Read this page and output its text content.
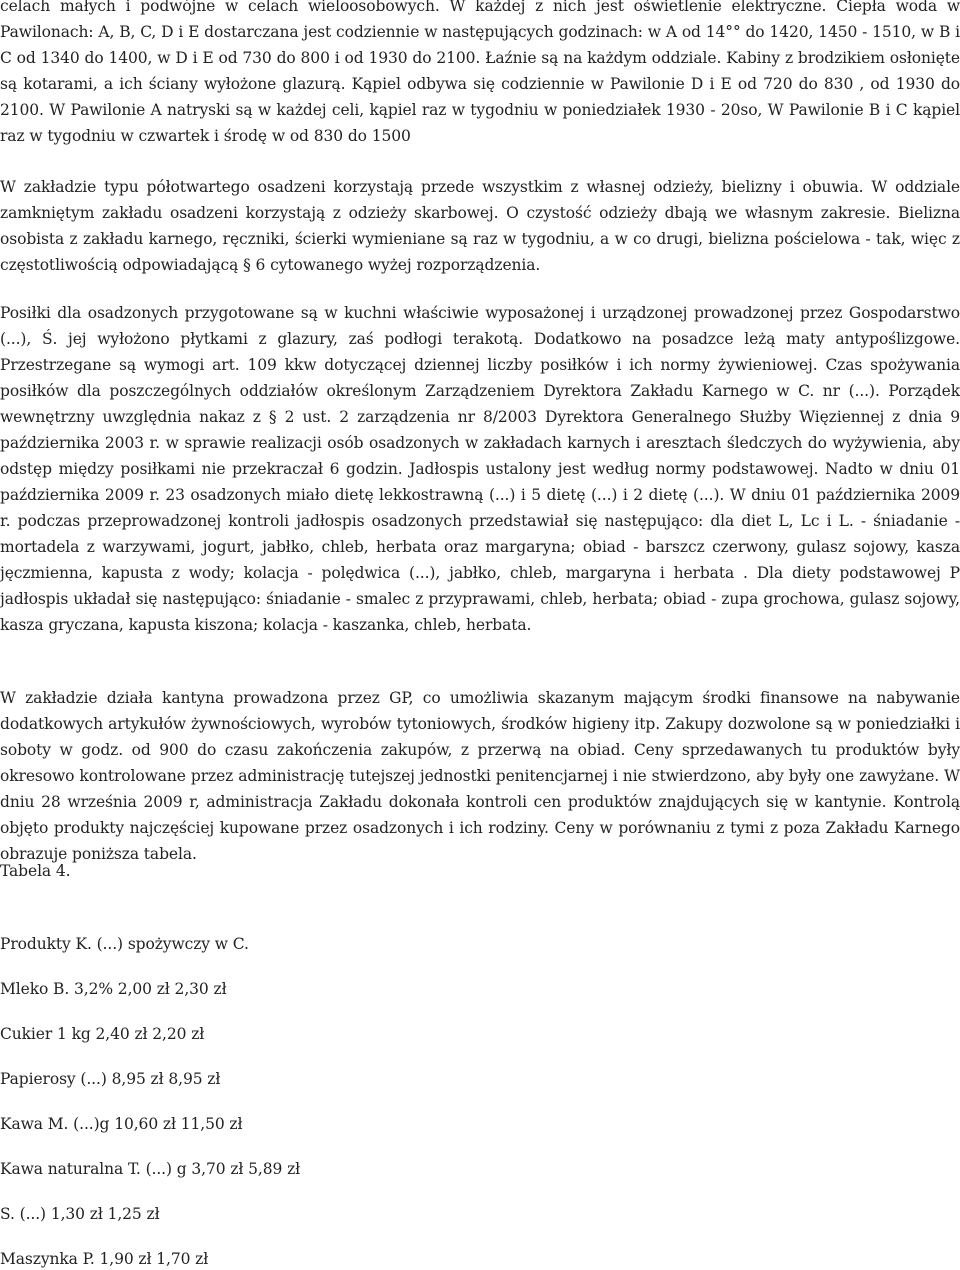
celach małych i podwójne w celach wieloosobowych. W każdej z nich jest oświetlenie elektryczne. Ciepła woda w Pawilonach: A, B, C, D i E dostarczana jest codziennie w następujących godzinach: w A od 14°° do 1420, 1450 - 1510, w B i C od 1340 do 1400, w D i E od 730 do 800 i od 1930 do 2100. Łaźnie są na każdym oddziale. Kabiny z brodzikiem osłonięte są kotarami, a ich ściany wyłożone glazurą. Kąpiel odbywa się codziennie w Pawilonie D i E od 720 do 830 , od 1930 do 2100. W Pawilonie A natryski są w każdej celi, kąpiel raz w tygodniu w poniedziałek 1930 - 20so, W Pawilonie B i C kąpiel raz w tygodniu w czwartek i środę w od 830 do 1500

W zakładzie typu półotwartego osadzeni korzystają przede wszystkim z własnej odzieży, bielizny i obuwia. W oddziale zamkniętym zakładu osadzeni korzystają z odzieży skarbowej. O czystość odzieży dbają we własnym zakresie. Bielizna osobista z zakładu karnego, ręczniki, ścierki wymieniane są raz w tygodniu, a w co drugi, bielizna pościelowa - tak, więc z częstotliwością odpowiadającą § 6 cytowanego wyżej rozporządzenia.

Posiłki dla osadzonych przygotowane są w kuchni właściwie wyposażonej i urządzonej prowadzonej przez Gospodarstwo (...), Ś. jej wyłożono płytkami z glazury, zaś podłogi terakotą. Dodatkowo na posadzce leżą maty antypoślizgowe. Przestrzegane są wymogi art. 109 kkw dotyczącej dziennej liczby posiłków i ich normy żywieniowej. Czas spożywania posiłków dla poszczególnych oddziałów określonym Zarządzeniem Dyrektora Zakładu Karnego w C. nr (...). Porządek wewnętrzny uwzględnia nakaz z § 2 ust. 2 zarządzenia nr 8/2003 Dyrektora Generalnego Służby Więziennej z dnia 9 października 2003 r. w sprawie realizacji osób osadzonych w zakładach karnych i aresztach śledczych do wyżywienia, aby odstęp między posiłkami nie przekraczał 6 godzin. Jadłospis ustalony jest według normy podstawowej. Nadto w dniu 01 października 2009 r. 23 osadzonych miało dietę lekkostrawną (...) i 5 dietę (...) i 2 dietę (...). W dniu 01 października 2009 r. podczas przeprowadzonej kontroli jadłospis osadzonych przedstawiał się następująco: dla diet L, Lc i L. - śniadanie - mortadela z warzywami, jogurt, jabłko, chleb, herbata oraz margaryna; obiad - barszcz czerwony, gulasz sojowy, kasza jęczmienna, kapusta z wody; kolacja - polędwica (...), jabłko, chleb, margaryna i herbata . Dla diety podstawowej P jadłospis układał się następująco: śniadanie - smalec z przyprawami, chleb, herbata; obiad - zupa grochowa, gulasz sojowy, kasza gryczana, kapusta kiszona; kolacja - kaszanka, chleb, herbata.

W zakładzie działa kantyna prowadzona przez GP, co umożliwia skazanym mającym środki finansowe na nabywanie dodatkowych artykułów żywnościowych, wyrobów tytoniowych, środków higieny itp. Zakupy dozwolone są w poniedziałki i soboty w godz. od 900 do czasu zakończenia zakupów, z przerwą na obiad. Ceny sprzedawanych tu produktów były okresowo kontrolowane przez administrację tutejszej jednostki penitencjarnej i nie stwierdzono, aby były one zawyżane. W dniu 28 września 2009 r, administracja Zakładu dokonała kontroli cen produktów znajdujących się w kantynie. Kontrolą objęto produkty najczęściej kupowane przez osadzonych i ich rodziny. Ceny w porównaniu z tymi z poza Zakładu Karnego obrazuje poniższa tabela.

Tabela 4.

Produkty K. (...) spożywczy w C.

Mleko B. 3,2% 2,00 zł 2,30 zł

Cukier 1 kg 2,40 zł 2,20 zł

Papierosy (...) 8,95 zł 8,95 zł

Kawa M. (...)g 10,60 zł 11,50 zł

Kawa naturalna T. (...) g 3,70 zł 5,89 zł

S. (...) 1,30 zł 1,25 zł

Maszynka P. 1,90 zł 1,70 zł
